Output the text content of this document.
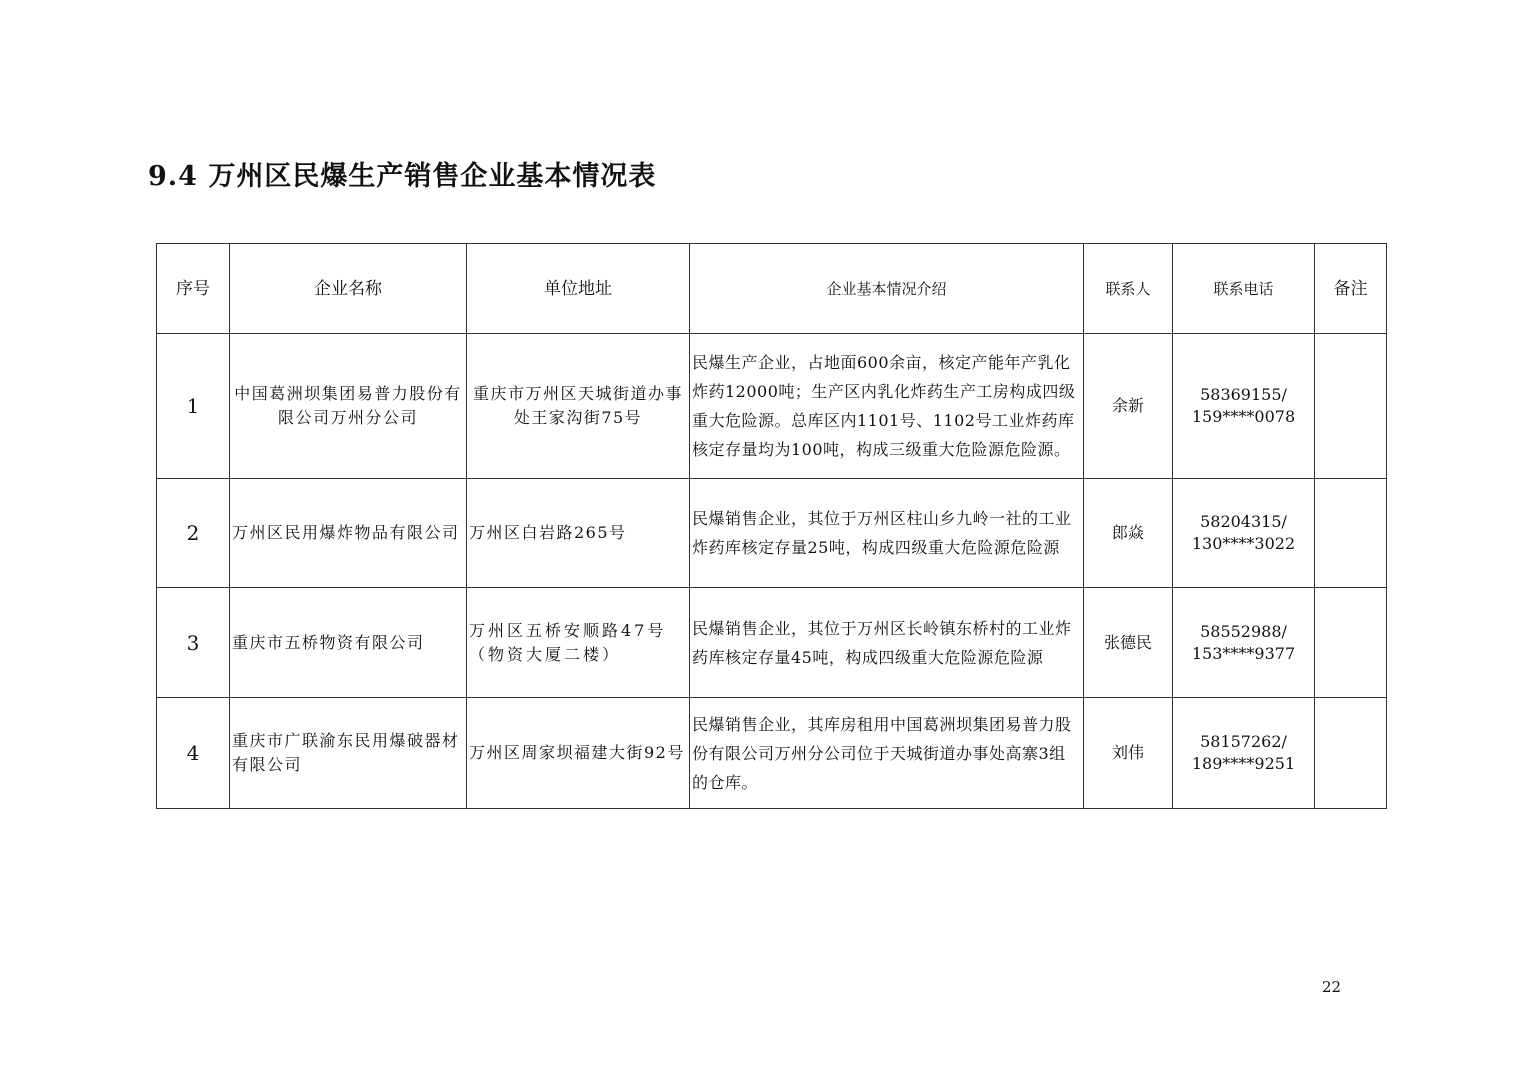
9.4 万州区民爆生产销售企业基本情况表
序号	企业名称	单位地址	企业基本情况介绍	联系人	联系电话	备注
1	中国葛洲坝集团易普力股份有限公司万州分公司	重庆市万州区天城街道办事处王家沟街75号	民爆生产企业，占地面600余亩，核定产能年产乳化炸药12000吨；生产区内乳化炸药生产工房构成四级重大危险源。总库区内1101号、1102号工业炸药库核定存量均为100吨，构成三级重大危险源危险源。	余新	58369155/
159****0078	

2	万州区民用爆炸物品有限公司	万州区白岩路265号	民爆销售企业，其位于万州区柱山乡九岭一社的工业炸药库核定存量25吨，构成四级重大危险源危险源	郎焱	58204315/
130****3022	

3	重庆市五桥物资有限公司	万州区五桥安顺路47号（物资大厦二楼）	民爆销售企业，其位于万州区长岭镇东桥村的工业炸药库核定存量45吨，构成四级重大危险源危险源	张德民	58552988/
153****9377	

4	重庆市广联渝东民用爆破器材有限公司	万州区周家坝福建大街92号	民爆销售企业，其库房租用中国葛洲坝集团易普力股份有限公司万州分公司位于天城街道办事处高寨3组的仓库。	刘伟	58157262/
189****9251	

22
